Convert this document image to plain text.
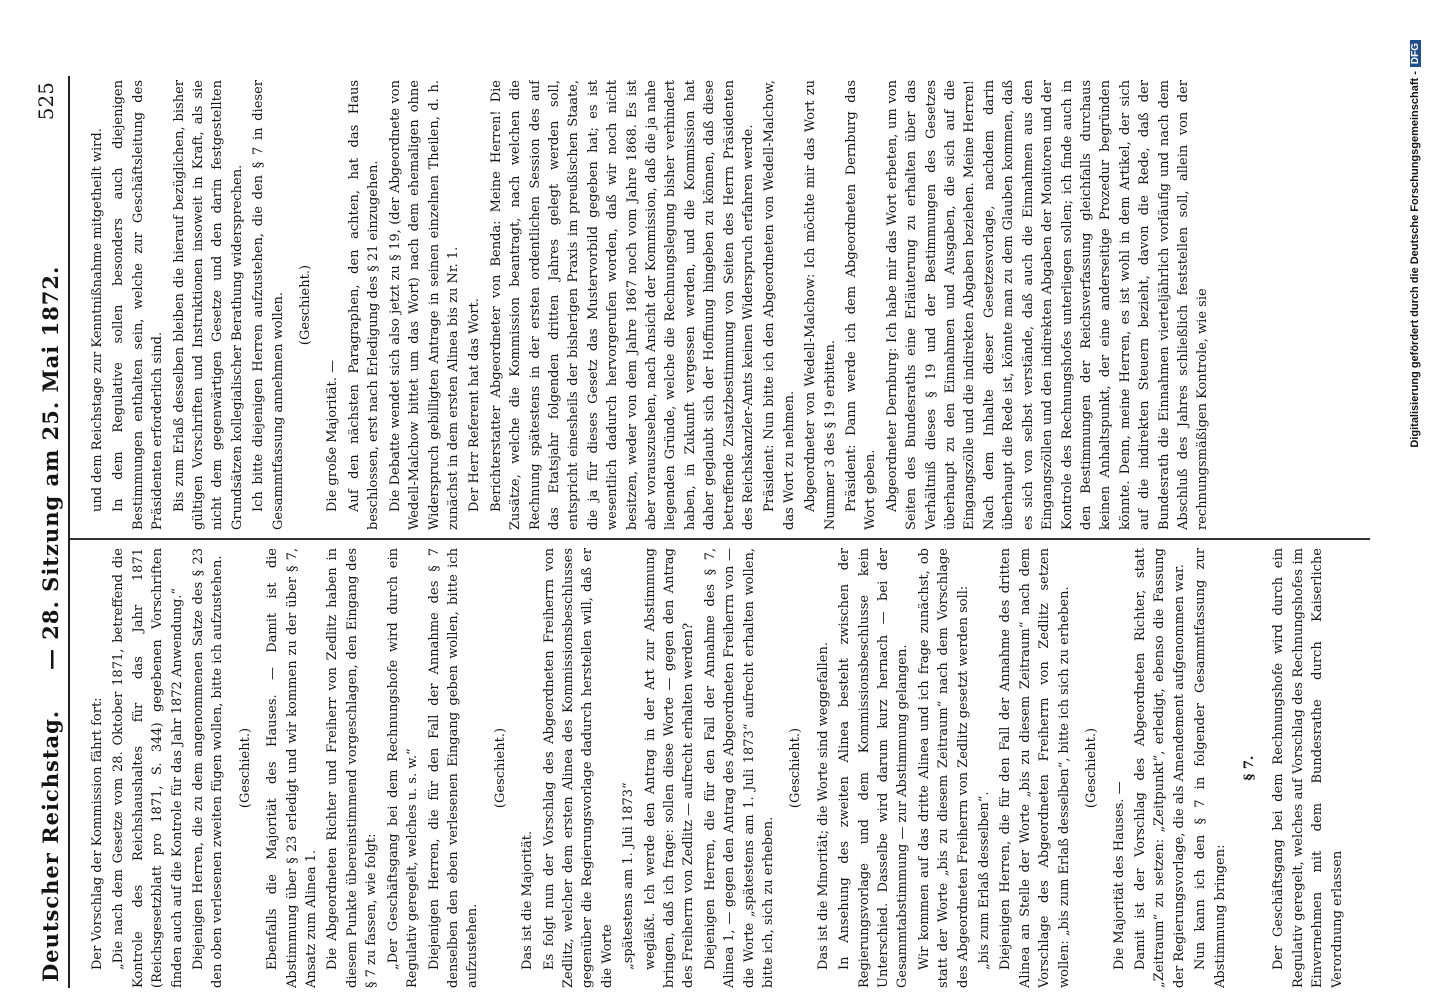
Deutscher Reichstag.
— 28. Sitzung am 25. Mai 1872.
525

Der Vorschlag der Kommission fährt fort: „Die nach dem Gesetze vom 28. Oktober 1871, betreffend die Kontrole des Reichshaushaltes für das Jahr 1871 (Reichsgesetzblatt pro 1871, S. 344) gegebenen Vorschriften finden auch auf die Kontrole für das Jahr 1872 Anwendung.“ Diejenigen Herren, die zu dem angenommenen Satze des § 23 den oben verlesenen zweiten fügen wollen, bitte ich aufzustehen. (Geschieht.) Ebenfalls die Majorität des Hauses. — Damit ist die Abstimmung über § 23 erledigt und wir kommen zu der über § 7, Ansatz zum Alinea 1. Die Abgeordneten Richter und Freiherr von Zedlitz haben in diesem Punkte übereinstimmend vorgeschlagen, den Eingang des § 7 zu fassen, wie folgt: „Der Geschäftsgang bei dem Rechnungshofe wird durch ein Regulativ geregelt, welches u. s. w.“ Diejenigen Herren, die für den Fall der Annahme des § 7 denselben den eben verlesenen Eingang geben wollen, bitte ich aufzustehen.

(Geschieht.)

Das ist die Majorität. Es folgt nun der Vorschlag des Abgeordneten Freiherrn von Zedlitz, welcher dem ersten Alinea des Kommissionsbeschlusses gegenüber die Regierungsvorlage dadurch herstellen will, daß er die Worte „spätestens am 1. Juli 1873“ wegläßt. Ich werde den Antrag in der Art zur Abstimmung bringen, daß ich frage: sollen diese Worte — gegen den Antrag des Freiherrn von Zedlitz — aufrecht erhalten werden? Diejenigen Herren, die für den Fall der Annahme des § 7, Alinea 1, — gegen den Antrag des Abgeordneten Freiherrn von — die Worte „spätestens am 1. Juli 1873“ aufrecht erhalten wollen, bitte ich, sich zu erheben.

(Geschieht.) Das ist die Minorität; die Worte sind weggefallen. In Ansehung des zweiten Alinea besteht zwischen der Regierungsvorlage und dem Kommissionsbeschlusse kein Unterschied. Dasselbe wird darum kurz hernach — bei der Gesammtabstimmung — zur Abstimmung gelangen. Wir kommen auf das dritte Alinea und ich frage zunächst, ob statt der Worte „bis zu diesem Zeitraum“ nach dem Vorschlage des Abgeordneten Freiherrn von Zedlitz gesetzt werden soll: „bis zum Erlaß desselben“. Diejenigen Herren, die für den Fall der Annahme des dritten Alinea an Stelle der Worte „bis zu diesem Zeitraum“ nach dem Vorschlage des Abgeordneten Freiherrn von Zedlitz setzen wollen: „bis zum Erlaß desselben“, bitte ich sich zu erheben. (Geschieht.)

Die Majorität des Hauses. — Damit ist der Vorschlag des Abgeordneten Richter, statt „Zeitraum“ zu setzen: „Zeitpunkt“, erledigt, ebenso die Fassung der Regierungsvorlage, die als Amendement aufgenommen war. Nun kann ich den § 7 in folgender Gesammtfassung zur Abstimmung bringen:

§ 7. Der Geschäftsgang bei dem Rechnungshofe wird durch ein Regulativ geregelt, welches auf Vorschlag des Rechnungshofes im Einvernehmen mit dem Bundesrathe durch Kaiserliche Verordnung erlassen

und dem Reichstage zur Kenntnißnahme mitgetheilt wird. In dem Regulative sollen besonders auch diejenigen Bestimmungen enthalten sein, welche zur Geschäftsleitung des Präsidenten erforderlich sind. Bis zum Erlaß desselben bleiben die hierauf bezüglichen, bisher gültigen Vorschriften und Instruktionen insoweit in Kraft, als sie nicht dem gegenwärtigen Gesetze und den darin festgestellten Grundsätzen kollegialischer Berathung widersprechen. Ich bitte diejenigen Herren aufzustehen, die den § 7 in dieser Gesammtfassung annehmen wollen. (Geschieht.)

Die große Majorität. — Auf den nächsten Paragraphen, den achten, hat das Haus beschlossen, erst nach Erledigung des § 21 einzugehen. Die Debatte wendet sich also jetzt zu § 19, (der Abgeordnete von Wedell-Malchow bittet um das Wort) nach dem ehemaligen ohne Widerspruch gebilligten Antrage in seinen einzelnen Theilen, d. h. zunächst in dem ersten Alinea bis zu Nr. 1. Der Herr Referent hat das Wort. Berichterstatter Abgeordneter von Benda: Meine Herren! Die Zusätze, welche die Kommission beantragt, nach welchen die Rechnung spätestens in der ersten ordentlichen Session des auf das Etatsjahr folgenden dritten Jahres gelegt werden soll, entspricht einesheils der bisherigen Praxis im preußischen Staate, die ja für dieses Gesetz das Mustervorbild gegeben hat; es ist wesentlich dadurch hervorgerufen worden, daß wir noch nicht besitzen, weder von dem Jahre 1867 noch vom Jahre 1868. Es ist aber vorauszusehen, nach Ansicht der Kommission, daß die ja nahe liegenden Gründe, welche die Rechnungslegung bisher verhindert haben, in Zukunft vergessen werden, und die Kommission hat daher geglaubt sich der Hoffnung hingeben zu können, daß diese betreffende Zusatzbestimmung von Seiten des Herrn Präsidenten des Reichskanzler-Amts keinen Widerspruch erfahren werde. Präsident: Nun bitte ich den Abgeordneten von Wedell-Malchow, das Wort zu nehmen. Abgeordneter von Wedell-Malchow: Ich möchte mir das Wort zu Nummer 3 des § 19 erbitten. Präsident: Dann werde ich dem Abgeordneten Dernburg das Wort geben. Abgeordneter Dernburg: Ich habe mir das Wort erbeten, um von Seiten des Bundesraths eine Erläuterung zu erhalten über das Verhältniß dieses § 19 und der Bestimmungen des Gesetzes überhaupt zu den Einnahmen und Ausgaben, die sich auf die Eingangszölle und die indirekten Abgaben beziehen. Meine Herren! Nach dem Inhalte dieser Gesetzesvorlage, nachdem darin überhaupt die Rede ist, könnte man zu dem Glauben kommen, daß es sich von selbst verstände, daß auch die Einnahmen aus den Eingangszöllen und den indirekten Abgaben der Monitoren und der Kontrole des Rechnungshofes unterliegen sollen; ich finde auch in den Bestimmungen der Reichsverfassung gleichfalls durchaus keinen Anhaltspunkt, der eine anderseitige Prozedur begründen könnte. Denn, meine Herren, es ist wohl in dem Artikel, der sich auf die indirekten Steuern bezieht, davon die Rede, daß der Bundesrath die Einnahmen vierteljährlich vorläufig und nach dem Abschluß des Jahres schließlich feststellen soll, allein von der rechnungsmäßigen Kontrole, wie sie	Digitalisierung gefördert durch die Deutsche Forschungsgemeinschaft -DFG
